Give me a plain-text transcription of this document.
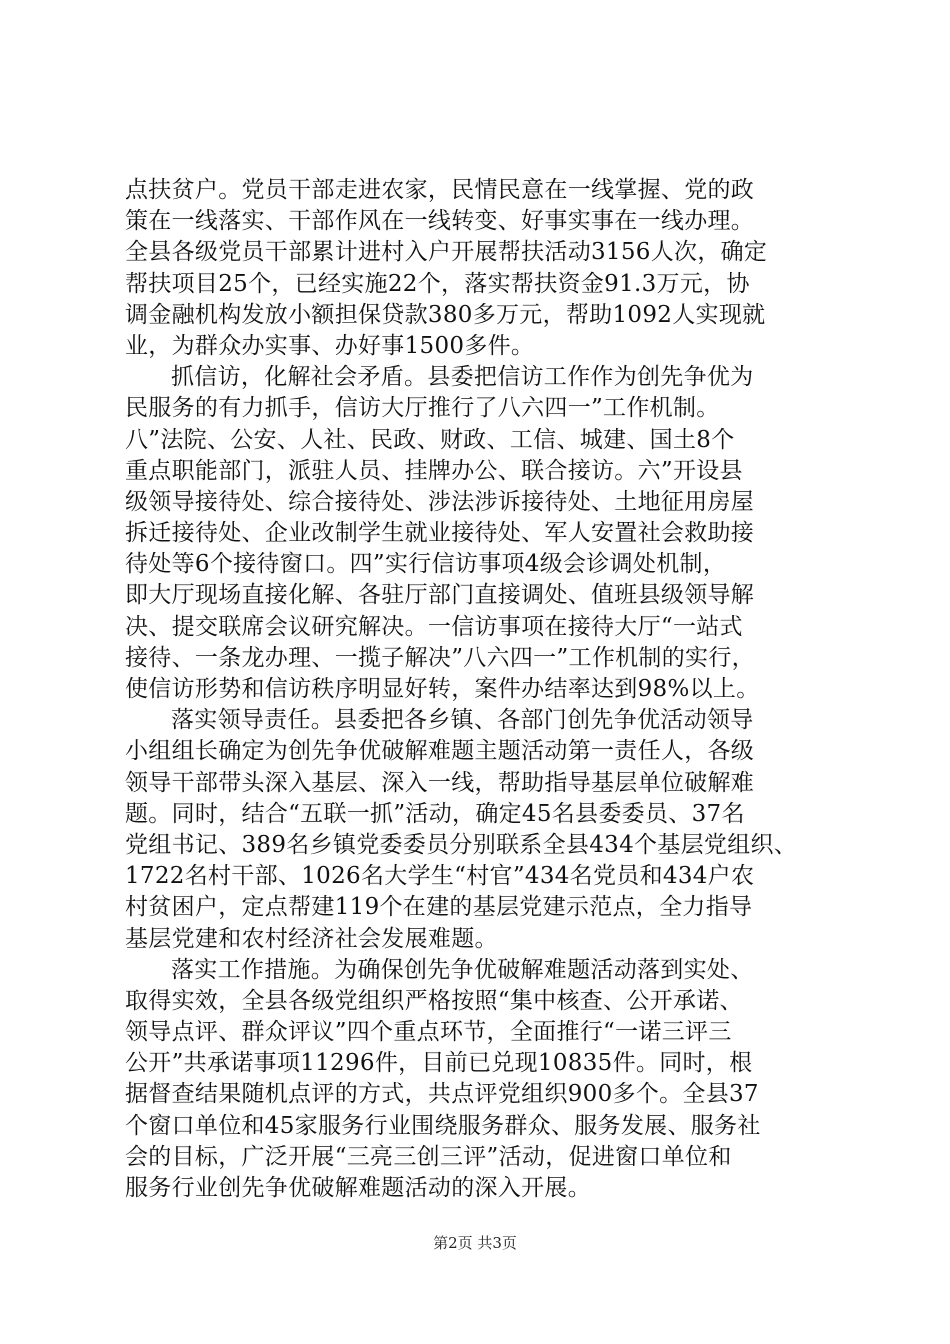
点扶贫户。党员干部走进农家，民情民意在一线掌握、党的政
策在一线落实、干部作风在一线转变、好事实事在一线办理。
全县各级党员干部累计进村入户开展帮扶活动3156人次，确定
帮扶项目25个，已经实施22个，落实帮扶资金91.3万元，协
调金融机构发放小额担保贷款380多万元，帮助1092人实现就
业，为群众办实事、办好事1500多件。
抓信访，化解社会矛盾。县委把信访工作作为创先争优为
民服务的有力抓手，信访大厅推行了八六四一”工作机制。
八”法院、公安、人社、民政、财政、工信、城建、国土8个
重点职能部门，派驻人员、挂牌办公、联合接访。六”开设县
级领导接待处、综合接待处、涉法涉诉接待处、土地征用房屋
拆迁接待处、企业改制学生就业接待处、军人安置社会救助接
待处等6个接待窗口。四”实行信访事项4级会诊调处机制，
即大厅现场直接化解、各驻厅部门直接调处、值班县级领导解
决、提交联席会议研究解决。一信访事项在接待大厅“一站式
接待、一条龙办理、一揽子解决”八六四一”工作机制的实行，
使信访形势和信访秩序明显好转，案件办结率达到98%以上。
落实领导责任。县委把各乡镇、各部门创先争优活动领导
小组组长确定为创先争优破解难题主题活动第一责任人，各级
领导干部带头深入基层、深入一线，帮助指导基层单位破解难
题。同时，结合“五联一抓”活动，确定45名县委委员、37名
党组书记、389名乡镇党委委员分别联系全县434个基层党组织、
1722名村干部、1026名大学生“村官”434名党员和434户农
村贫困户，定点帮建119个在建的基层党建示范点，全力指导
基层党建和农村经济社会发展难题。
落实工作措施。为确保创先争优破解难题活动落到实处、
取得实效，全县各级党组织严格按照“集中核查、公开承诺、
领导点评、群众评议”四个重点环节，全面推行“一诺三评三
公开”共承诺事项11296件，目前已兑现10835件。同时，根
据督查结果随机点评的方式，共点评党组织900多个。全县37
个窗口单位和45家服务行业围绕服务群众、服务发展、服务社
会的目标，广泛开展“三亮三创三评”活动，促进窗口单位和
服务行业创先争优破解难题活动的深入开展。
第2页 共3页
